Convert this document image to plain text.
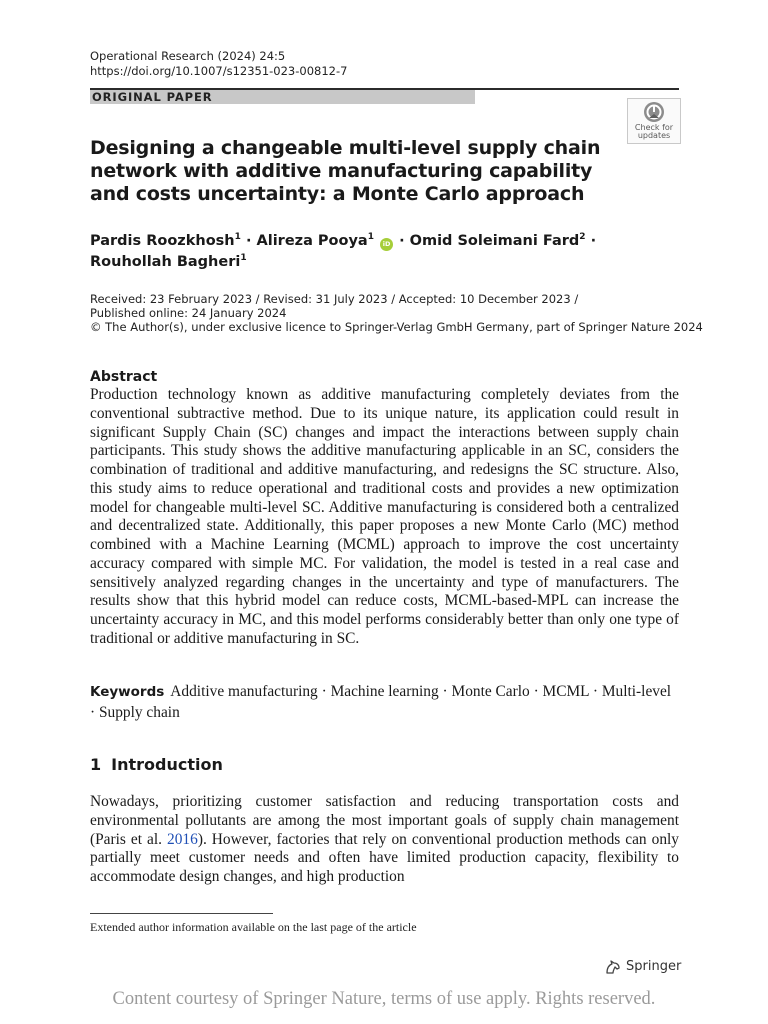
Operational Research (2024) 24:5
https://doi.org/10.1007/s12351-023-00812-7
ORIGINAL PAPER
Check for
updates
Designing a changeable multi-level supply chain network with additive manufacturing capability and costs uncertainty: a Monte Carlo approach
Pardis Roozkhosh$^1$ · Alireza Pooya$^1$ iD · Omid Soleimani Fard$^2$ ·
Rouhollah Bagheri$^1$
Received: 23 February 2023 / Revised: 31 July 2023 / Accepted: 10 December 2023 /
Published online: 24 January 2024
© The Author(s), under exclusive licence to Springer-Verlag GmbH Germany, part of Springer Nature 2024
Abstract
Production technology known as additive manufacturing completely deviates from the conventional subtractive method. Due to its unique nature, its application could result in significant Supply Chain (SC) changes and impact the interactions between supply chain participants. This study shows the additive manufacturing applicable in an SC, considers the combination of traditional and additive manufacturing, and redesigns the SC structure. Also, this study aims to reduce operational and traditional costs and provides a new optimization model for changeable multi-level SC. Additive manufacturing is considered both a centralized and decentralized state. Additionally, this paper proposes a new Monte Carlo (MC) method combined with a Machine Learning (MCML) approach to improve the cost uncertainty accuracy compared with simple MC. For validation, the model is tested in a real case and sensitively analyzed regarding changes in the uncertainty and type of manufacturers. The results show that this hybrid model can reduce costs, MCML-based-MPL can increase the uncertainty accuracy in MC, and this model performs considerably better than only one type of traditional or additive manufacturing in SC.
Keywords Additive manufacturing · Machine learning · Monte Carlo · MCML · Multi-level · Supply chain
1 Introduction
Nowadays, prioritizing customer satisfaction and reducing transportation costs and environmental pollutants are among the most important goals of supply chain management (Paris et al. 2016). However, factories that rely on conventional production methods can only partially meet customer needs and often have limited production capacity, flexibility to accommodate design changes, and high production
Extended author information available on the last page of the article
Springer
Content courtesy of Springer Nature, terms of use apply. Rights reserved.
